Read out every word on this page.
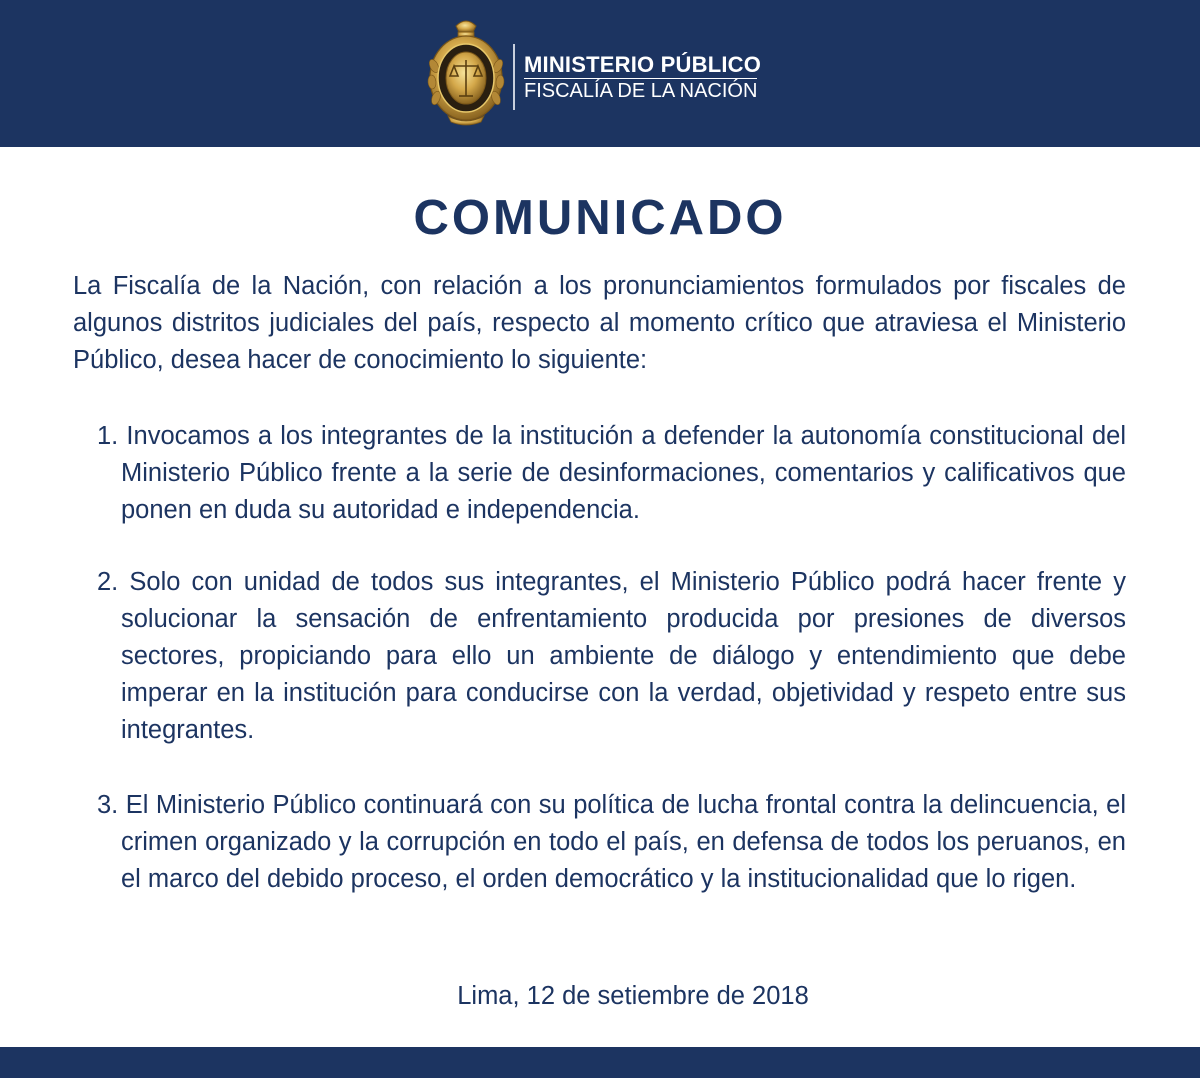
MINISTERIO PÚBLICO
FISCALÍA DE LA NACIÓN
COMUNICADO

La Fiscalía de la Nación, con relación a los pronunciamientos formulados por fiscales de algunos distritos judiciales del país, respecto al momento crítico que atraviesa el Ministerio Público, desea hacer de conocimiento lo siguiente:

1. Invocamos a los integrantes de la institución a defender la autonomía constitucional del Ministerio Público frente a la serie de desinformaciones, comentarios y calificativos que ponen en duda su autoridad e independencia.

2. Solo con unidad de todos sus integrantes, el Ministerio Público podrá hacer frente y solucionar la sensación de enfrentamiento producida por presiones de diversos sectores, propiciando para ello un ambiente de diálogo y entendimiento que debe imperar en la institución para conducirse con la verdad, objetividad y respeto entre sus integrantes.

3. El Ministerio Público continuará con su política de lucha frontal contra la delincuencia, el crimen organizado y la corrupción en todo el país, en defensa de todos los peruanos, en el marco del debido proceso, el orden democrático y la institucionalidad que lo rigen.

Lima, 12 de setiembre de 2018
